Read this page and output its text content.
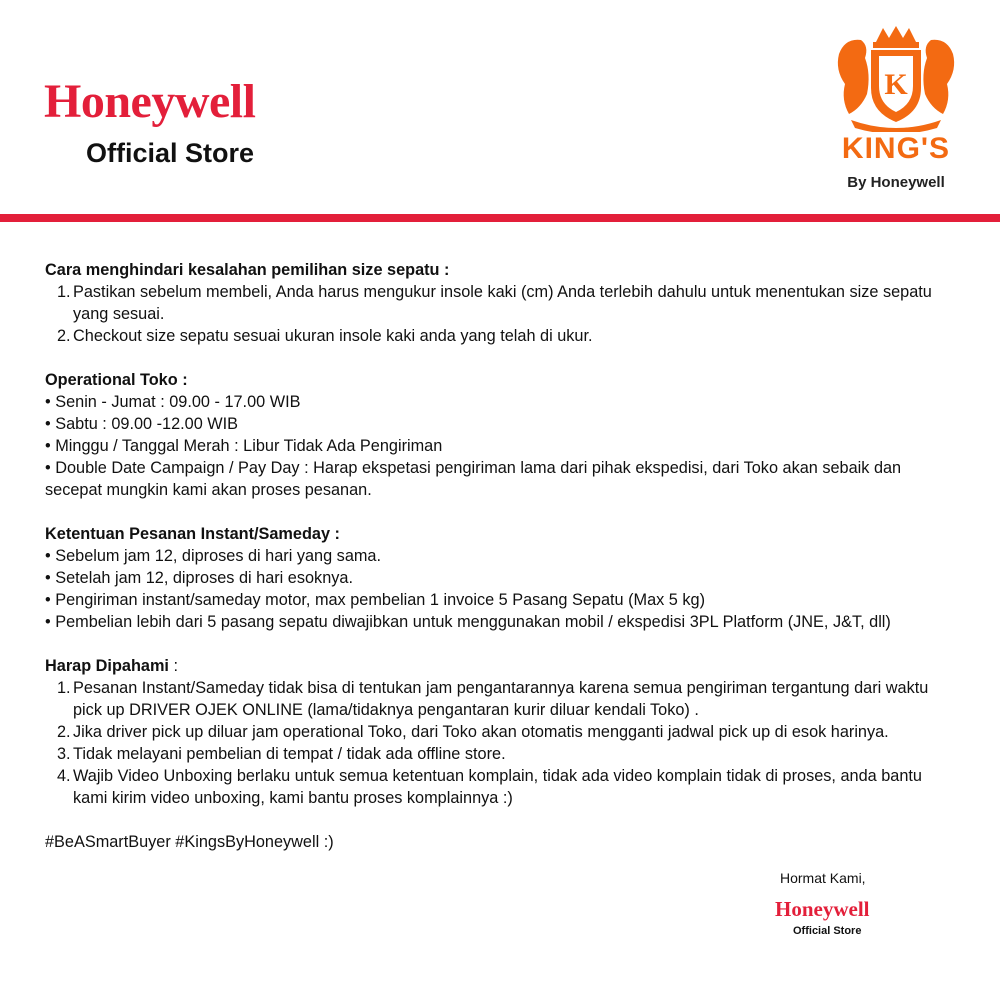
Honeywell
Official Store
K
KING'S
By Honeywell
Cara menghindari kesalahan pemilihan size sepatu :
1. Pastikan sebelum membeli, Anda harus mengukur insole kaki (cm) Anda terlebih dahulu untuk menentukan size sepatu yang sesuai.
2. Checkout size sepatu sesuai ukuran insole kaki anda yang telah di ukur.
Operational Toko :
• Senin - Jumat : 09.00 - 17.00 WIB
• Sabtu : 09.00 -12.00 WIB
• Minggu / Tanggal Merah : Libur Tidak Ada Pengiriman
• Double Date Campaign / Pay Day : Harap ekspetasi pengiriman lama dari pihak ekspedisi, dari Toko akan sebaik dan secepat mungkin kami akan proses pesanan.
Ketentuan Pesanan Instant/Sameday :
• Sebelum jam 12, diproses di hari yang sama.
• Setelah jam 12, diproses di hari esoknya.
• Pengiriman instant/sameday motor, max pembelian 1 invoice 5 Pasang Sepatu (Max 5 kg)
• Pembelian lebih dari 5 pasang sepatu diwajibkan untuk menggunakan mobil / ekspedisi 3PL Platform (JNE, J&T, dll)
Harap Dipahami :
1. Pesanan Instant/Sameday tidak bisa di tentukan jam pengantarannya karena semua pengiriman tergantung dari waktu pick up DRIVER OJEK ONLINE (lama/tidaknya pengantaran kurir diluar kendali Toko) .
2. Jika driver pick up diluar jam operational Toko, dari Toko akan otomatis mengganti jadwal pick up di esok harinya.
3. Tidak melayani pembelian di tempat / tidak ada offline store.
4. Wajib Video Unboxing berlaku untuk semua ketentuan komplain, tidak ada video komplain tidak di proses, anda bantu kami kirim video unboxing, kami bantu proses komplainnya :)
#BeASmartBuyer #KingsByHoneywell :)
Hormat Kami,
Honeywell
Official Store
